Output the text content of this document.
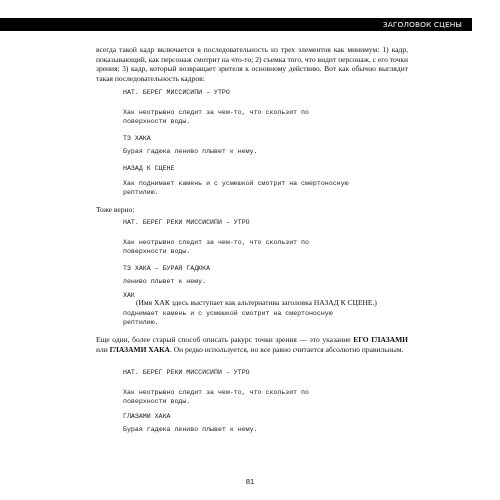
ЗАГОЛОВОК СЦЕНЫ

всегда такой кадр включается в последовательность из трех элементов как минимум: 1) кадр, показывающий, как персонаж смотрит на что-то; 2) съемка того, что видит персонаж, с его точки зрения; 3) кадр, который возвращает зрителя к основному действию. Вот как обычно выглядит такая последовательность кадров:

НАТ. БЕРЕГ МИССИСИПИ – УТРО
Хак неотрывно следит за чем-то, что скользит по
поверхности воды.
ТЗ ХАКА
Бурая гадюка лениво плывет к нему.
НАЗАД К СЦЕНЕ
Хак поднимает камень и с усмешкой смотрит на смертоносную
рептилию.
Тоже верно:
НАТ. БЕРЕГ РЕКИ МИССИСИПИ – УТРО
Хак неотрывно следит за чем-то, что скользит по
поверхности воды.
ТЗ ХАКА – БУРАЯ ГАДЮКА
лениво плывет к нему.
ХАК
(Имя ХАК здесь выступает как альтернатива заголовка НАЗАД К СЦЕНЕ.)
поднимает камень и с усмешкой смотрит на смертоносную
рептилию.

Еще один, более старый способ описать ракурс точки зрения — это указание ЕГО ГЛАЗАМИ или ГЛАЗАМИ ХАКА. Он редко используется, но все равно считается абсолютно правильным.

НАТ. БЕРЕГ РЕКИ МИССИСИПИ – УТРО
Хак неотрывно следит за чем-то, что скользит по
поверхности воды.
ГЛАЗАМИ ХАКА
Бурая гадюка лениво плывет к нему.
81
